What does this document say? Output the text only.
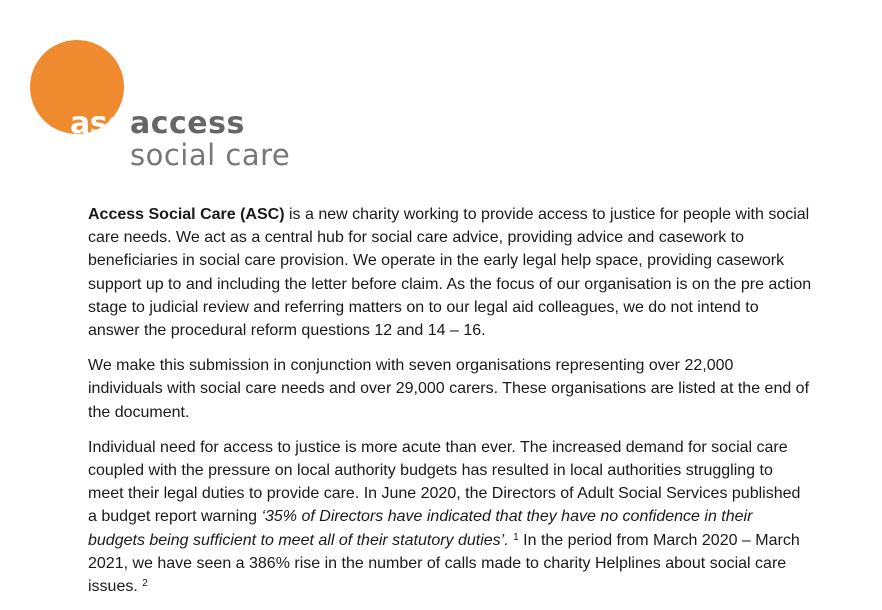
asc access
social care

Access Social Care (ASC) is a new charity working to provide access to justice for people with social care needs. We act as a central hub for social care advice, providing advice and casework to beneficiaries in social care provision. We operate in the early legal help space, providing casework support up to and including the letter before claim. As the focus of our organisation is on the pre action stage to judicial review and referring matters on to our legal aid colleagues, we do not intend to answer the procedural reform questions 12 and 14 – 16.

We make this submission in conjunction with seven organisations representing over 22,000 individuals with social care needs and over 29,000 carers. These organisations are listed at the end of the document.

Individual need for access to justice is more acute than ever. The increased demand for social care coupled with the pressure on local authority budgets has resulted in local authorities struggling to meet their legal duties to provide care. In June 2020, the Directors of Adult Social Services published a budget report warning ‘35% of Directors have indicated that they have no confidence in their budgets being sufficient to meet all of their statutory duties’. $^1$ In the period from March 2020 – March 2021, we have seen a 386% rise in the number of calls made to charity Helplines about social care issues. $^2$
